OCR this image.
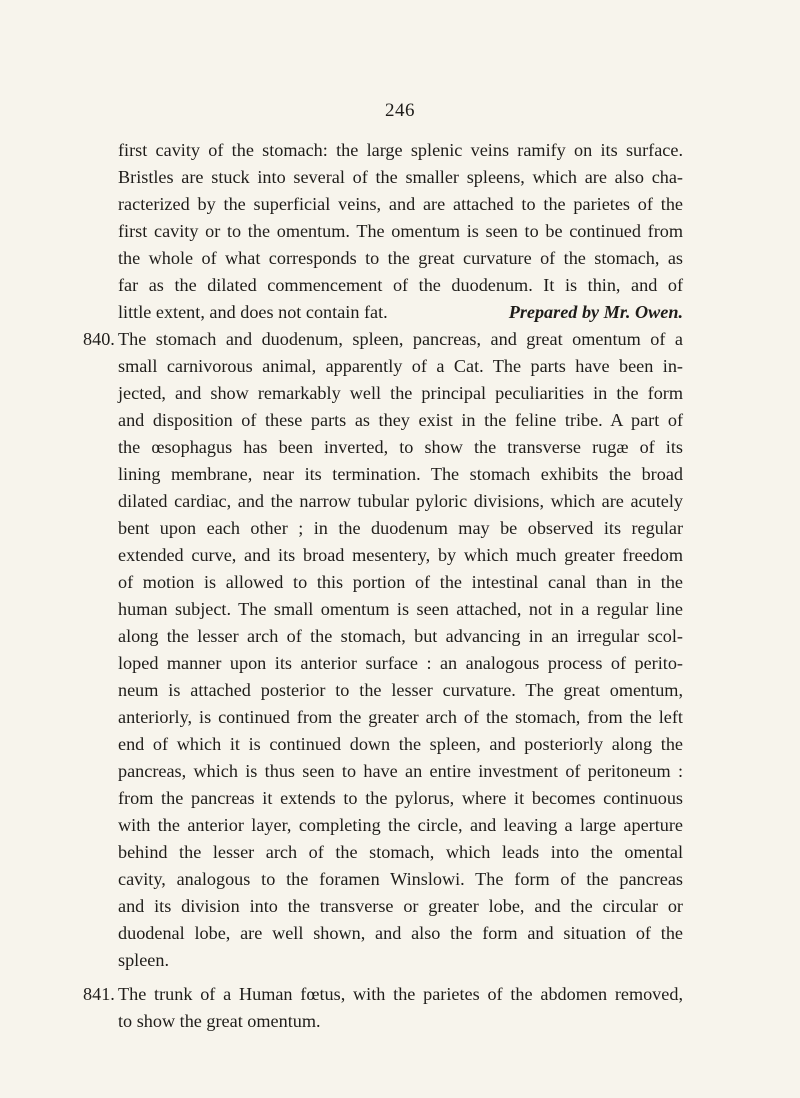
246
first cavity of the stomach: the large splenic veins ramify on its surface.
Bristles are stuck into several of the smaller spleens, which are also cha-
racterized by the superficial veins, and are attached to the parietes of the
first cavity or to the omentum. The omentum is seen to be continued from
the whole of what corresponds to the great curvature of the stomach, as
far as the dilated commencement of the duodenum. It is thin, and of
little extent, and does not contain fat.	Prepared by Mr. Owen.
840. The stomach and duodenum, spleen, pancreas, and great omentum of a
small carnivorous animal, apparently of a Cat. The parts have been in-
jected, and show remarkably well the principal peculiarities in the form
and disposition of these parts as they exist in the feline tribe. A part of
the œsophagus has been inverted, to show the transverse rugæ of its
lining membrane, near its termination. The stomach exhibits the broad
dilated cardiac, and the narrow tubular pyloric divisions, which are acutely
bent upon each other ; in the duodenum may be observed its regular
extended curve, and its broad mesentery, by which much greater freedom
of motion is allowed to this portion of the intestinal canal than in the
human subject. The small omentum is seen attached, not in a regular line
along the lesser arch of the stomach, but advancing in an irregular scol-
loped manner upon its anterior surface : an analogous process of perito-
neum is attached posterior to the lesser curvature. The great omentum,
anteriorly, is continued from the greater arch of the stomach, from the left
end of which it is continued down the spleen, and posteriorly along the
pancreas, which is thus seen to have an entire investment of peritoneum :
from the pancreas it extends to the pylorus, where it becomes continuous
with the anterior layer, completing the circle, and leaving a large aperture
behind the lesser arch of the stomach, which leads into the omental
cavity, analogous to the foramen Winslowi. The form of the pancreas
and its division into the transverse or greater lobe, and the circular or
duodenal lobe, are well shown, and also the form and situation of the
spleen.
841. The trunk of a Human fœtus, with the parietes of the abdomen removed,
to show the great omentum.
